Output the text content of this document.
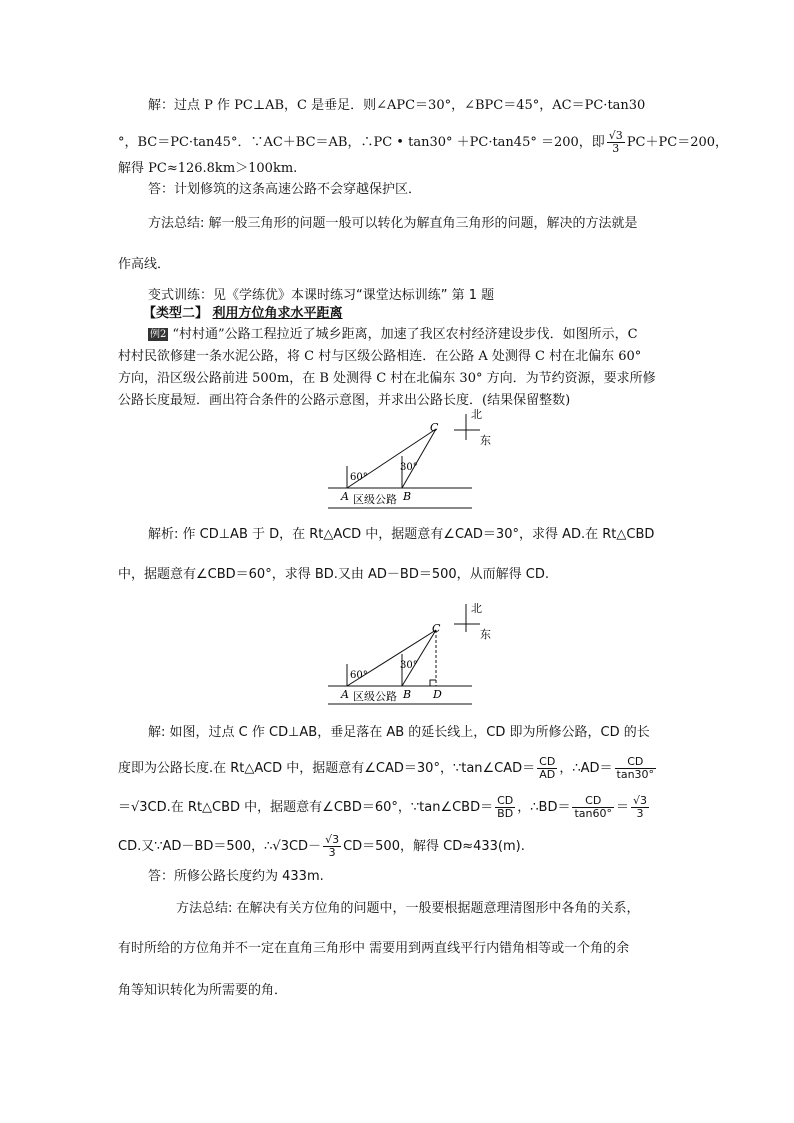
解：过点 P 作 PC⊥AB，C 是垂足．则∠APC＝30°，∠BPC＝45°，AC＝PC·tan30
°，BC＝PC·tan45°．∵AC＋BC＝AB，∴PC • tan30° ＋PC·tan45° ＝200，即 $\frac{√3}{3} PC+PC=200$，
解得 PC≈126.8km＞100km.
答：计划修筑的这条高速公路不会穿越保护区．
方法总结: 解一般三角形的问题一般可以转化为解直角三角形的问题，解决的方法就是
作高线．
变式训练：见《学练优》本课时练习“课堂达标训练” 第 1 题
【类型二】 利用方位角求水平距离
例2 “村村通”公路工程拉近了城乡距离，加速了我区农村经济建设步伐．如图所示，C
村村民欲修建一条水泥公路，将 C 村与区级公路相连．在公路 A 处测得 C 村在北偏东 60°
方向，沿区级公路前进 500m，在 B 处测得 C 村在北偏东 30° 方向．为节约资源，要求所修
公路长度最短．画出符合条件的公路示意图，并求出公路长度．(结果保留整数)
北
东
C
A	B
60°
30°
区级公路
解析: 作 CD⊥AB 于 D，在 Rt△ACD 中，据题意有∠CAD＝30°，求得 AD.在 Rt△CBD
中，据题意有∠CBD＝60°，求得 BD.又由 AD－BD＝500，从而解得 CD.
北
东
C
A	B D
60°
30°
区级公路
解: 如图，过点 C 作 CD⊥AB，垂足落在 AB 的延长线上，CD 即为所修公路，CD 的长
度即为公路长度.在 Rt△ACD 中，据题意有∠CAD＝30°，∵tan∠CAD＝ $\frac{CD}{AD}$ ，∴AD＝ $\frac{CD}{\tan 30^\circ}$
＝√3CD.在 Rt△CBD 中，据题意有∠CBD＝60°，∵tan∠CBD＝ $\frac{CD}{BD}$ ，∴BD＝ $\frac{CD}{\tan 60^\circ} = \frac{√3}{3}$
CD.又∵AD－BD＝500，∴√3CD－ $\frac{√3}{3} CD=500$，解得 CD≈433(m).
答：所修公路长度约为 433m.
方法总结: 在解决有关方位角的问题中，一般要根据题意理清图形中各角的关系，
有时所给的方位角并不一定在直角三角形中 需要用到两直线平行内错角相等或一个角的余
角等知识转化为所需要的角．
